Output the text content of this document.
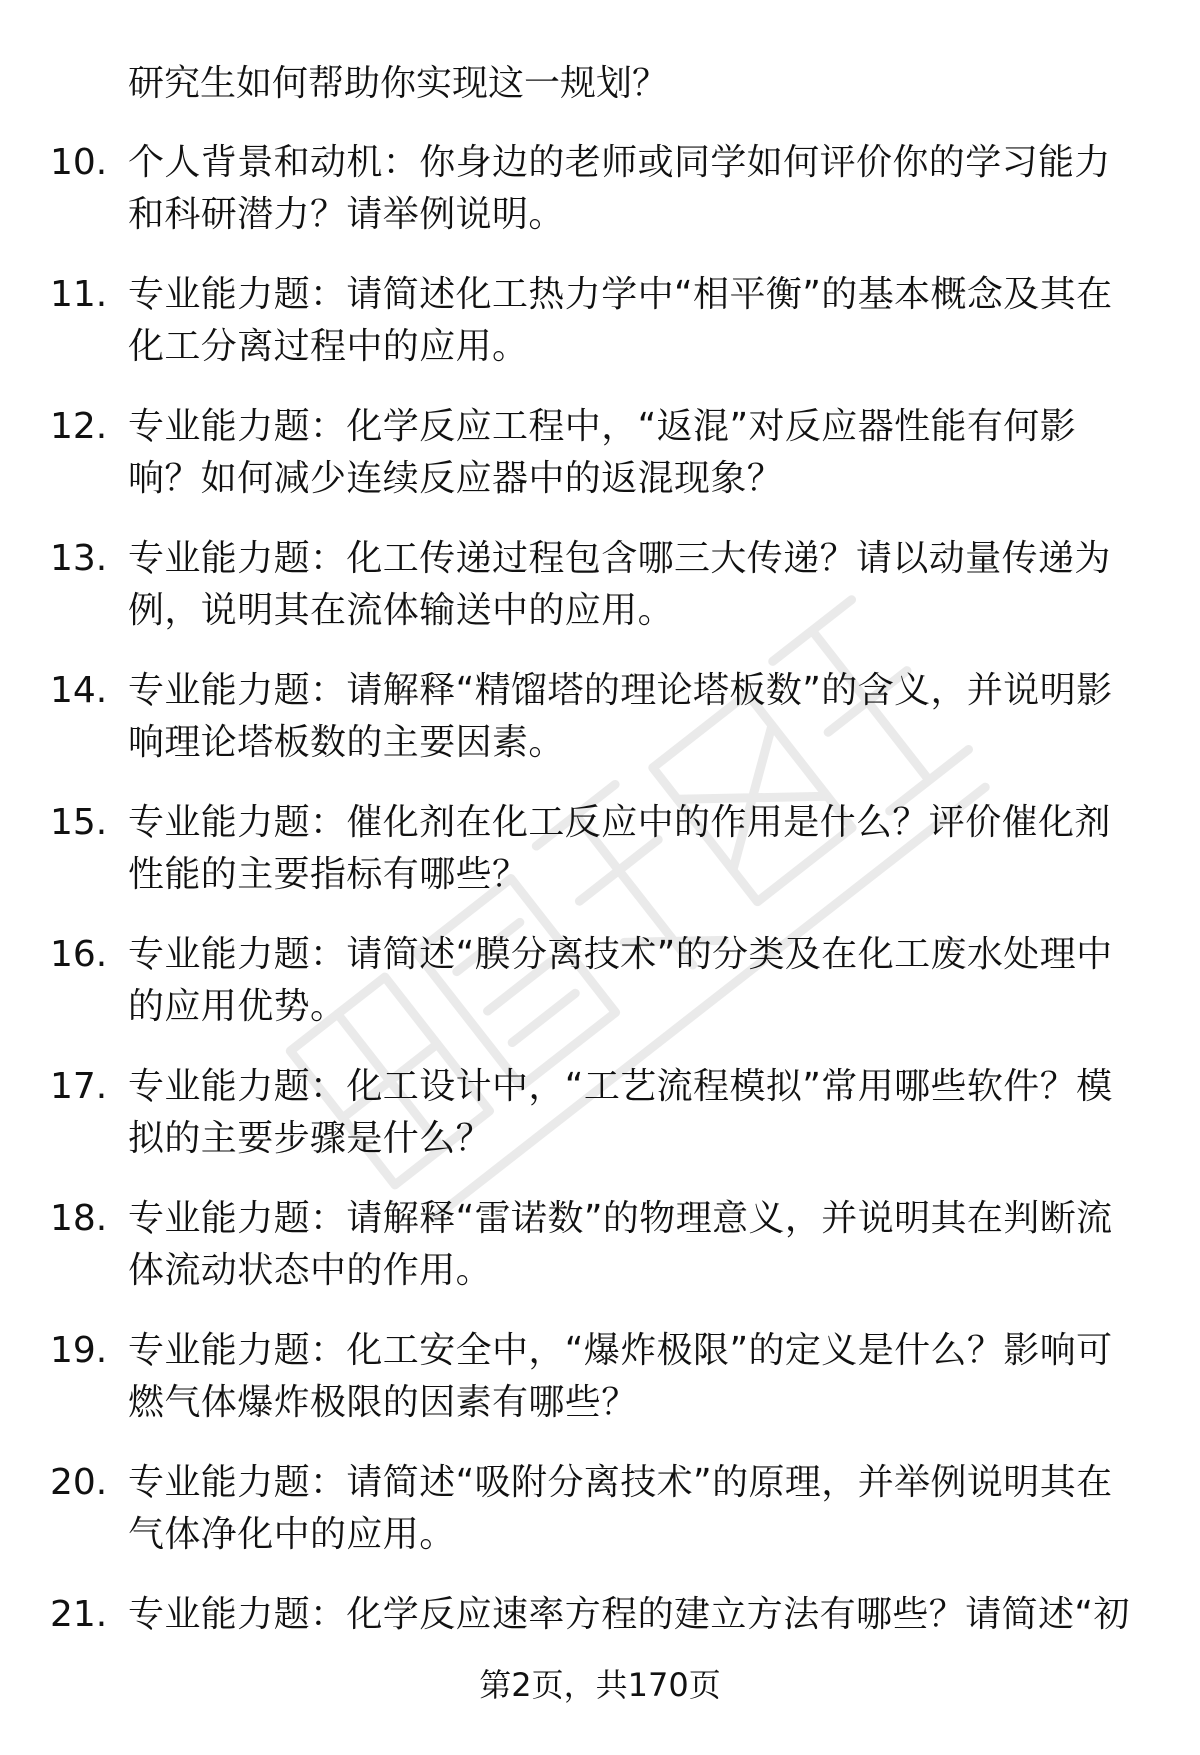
研究生如何帮助你实现这一规划？

10. 个人背景和动机：你身边的老师或同学如何评价你的学习能力和科研潜力？请举例说明。

11. 专业能力题：请简述化工热力学中“相平衡”的基本概念及其在化工分离过程中的应用。

12. 专业能力题：化学反应工程中，“返混”对反应器性能有何影响？如何减少连续反应器中的返混现象？

13. 专业能力题：化工传递过程包含哪三大传递？请以动量传递为例，说明其在流体输送中的应用。

14. 专业能力题：请解释“精馏塔的理论塔板数”的含义，并说明影响理论塔板数的主要因素。

15. 专业能力题：催化剂在化工反应中的作用是什么？评价催化剂性能的主要指标有哪些？

16. 专业能力题：请简述“膜分离技术”的分类及在化工废水处理中的应用优势。

17. 专业能力题：化工设计中，“工艺流程模拟”常用哪些软件？模拟的主要步骤是什么？

18. 专业能力题：请解释“雷诺数”的物理意义，并说明其在判断流体流动状态中的作用。

19. 专业能力题：化工安全中，“爆炸极限”的定义是什么？影响可燃气体爆炸极限的因素有哪些？

20. 专业能力题：请简述“吸附分离技术”的原理，并举例说明其在气体净化中的应用。

21. 专业能力题：化学反应速率方程的建立方法有哪些？请简述“初

第2页，共170页
